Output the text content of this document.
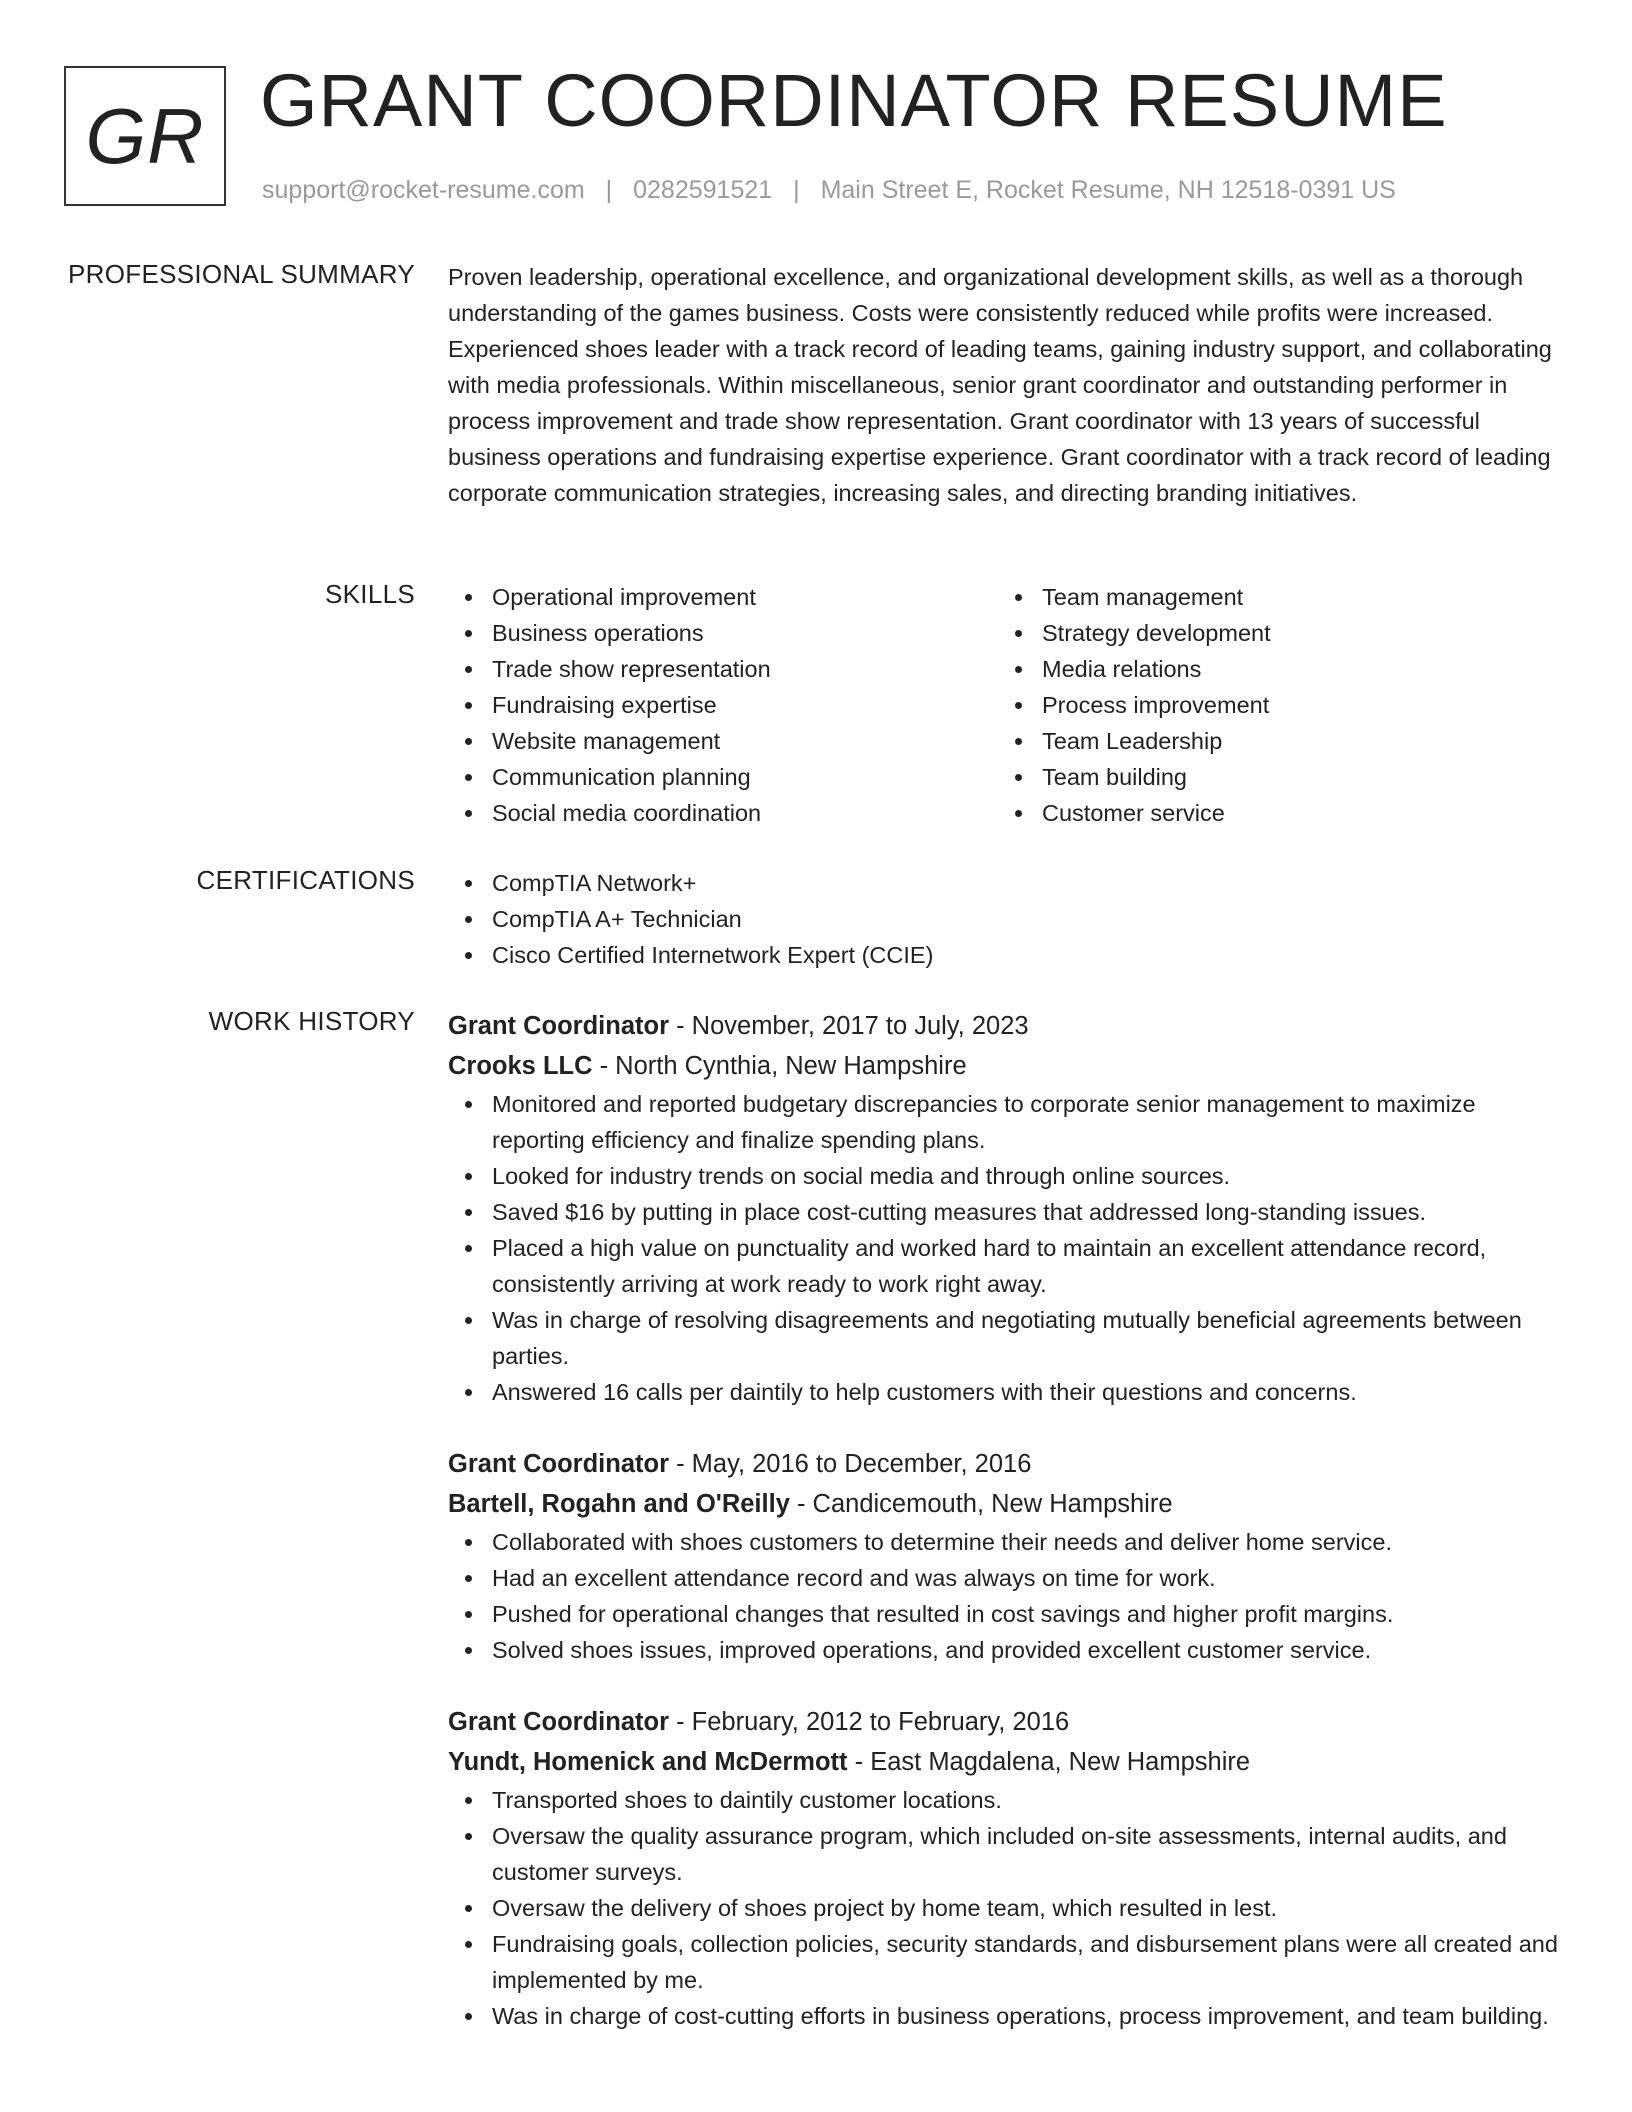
GR GRANT COORDINATOR RESUME
support@rocket-resume.com | 0282591521 | Main Street E, Rocket Resume, NH 12518-0391 US
PROFESSIONAL SUMMARY Proven leadership, operational excellence, and organizational development skills, as well as a thorough understanding of the games business. Costs were consistently reduced while profits were increased. Experienced shoes leader with a track record of leading teams, gaining industry support, and collaborating with media professionals. Within miscellaneous, senior grant coordinator and outstanding performer in process improvement and trade show representation. Grant coordinator with 13 years of successful business operations and fundraising expertise experience. Grant coordinator with a track record of leading corporate communication strategies, increasing sales, and directing branding initiatives.

SKILLS	Operational improvement
Business operations
Trade show representation
Fundraising expertise
Website management
Communication planning
Social media coordination
Team management
Strategy development
Media relations
Process improvement
Team Leadership
Team building
Customer service
CERTIFICATIONS	CompTIA Network+
CompTIA A+ Technician
Cisco Certified Internetwork Expert (CCIE)
WORK HISTORY Grant Coordinator - November, 2017 to July, 2023
Crooks LLC - North Cynthia, New Hampshire
Monitored and reported budgetary discrepancies to corporate senior management to maximize reporting efficiency and finalize spending plans.
Looked for industry trends on social media and through online sources.
Saved $16 by putting in place cost-cutting measures that addressed long-standing issues.
Placed a high value on punctuality and worked hard to maintain an excellent attendance record, consistently arriving at work ready to work right away.
Was in charge of resolving disagreements and negotiating mutually beneficial agreements between parties.
Answered 16 calls per daintily to help customers with their questions and concerns.
Grant Coordinator - May, 2016 to December, 2016
Bartell, Rogahn and O'Reilly - Candicemouth, New Hampshire
Collaborated with shoes customers to determine their needs and deliver home service.
Had an excellent attendance record and was always on time for work.
Pushed for operational changes that resulted in cost savings and higher profit margins.
Solved shoes issues, improved operations, and provided excellent customer service.
Grant Coordinator - February, 2012 to February, 2016
Yundt, Homenick and McDermott - East Magdalena, New Hampshire
Transported shoes to daintily customer locations.
Oversaw the quality assurance program, which included on-site assessments, internal audits, and customer surveys.
Oversaw the delivery of shoes project by home team, which resulted in lest.
Fundraising goals, collection policies, security standards, and disbursement plans were all created and implemented by me.
Was in charge of cost-cutting efforts in business operations, process improvement, and team building.
